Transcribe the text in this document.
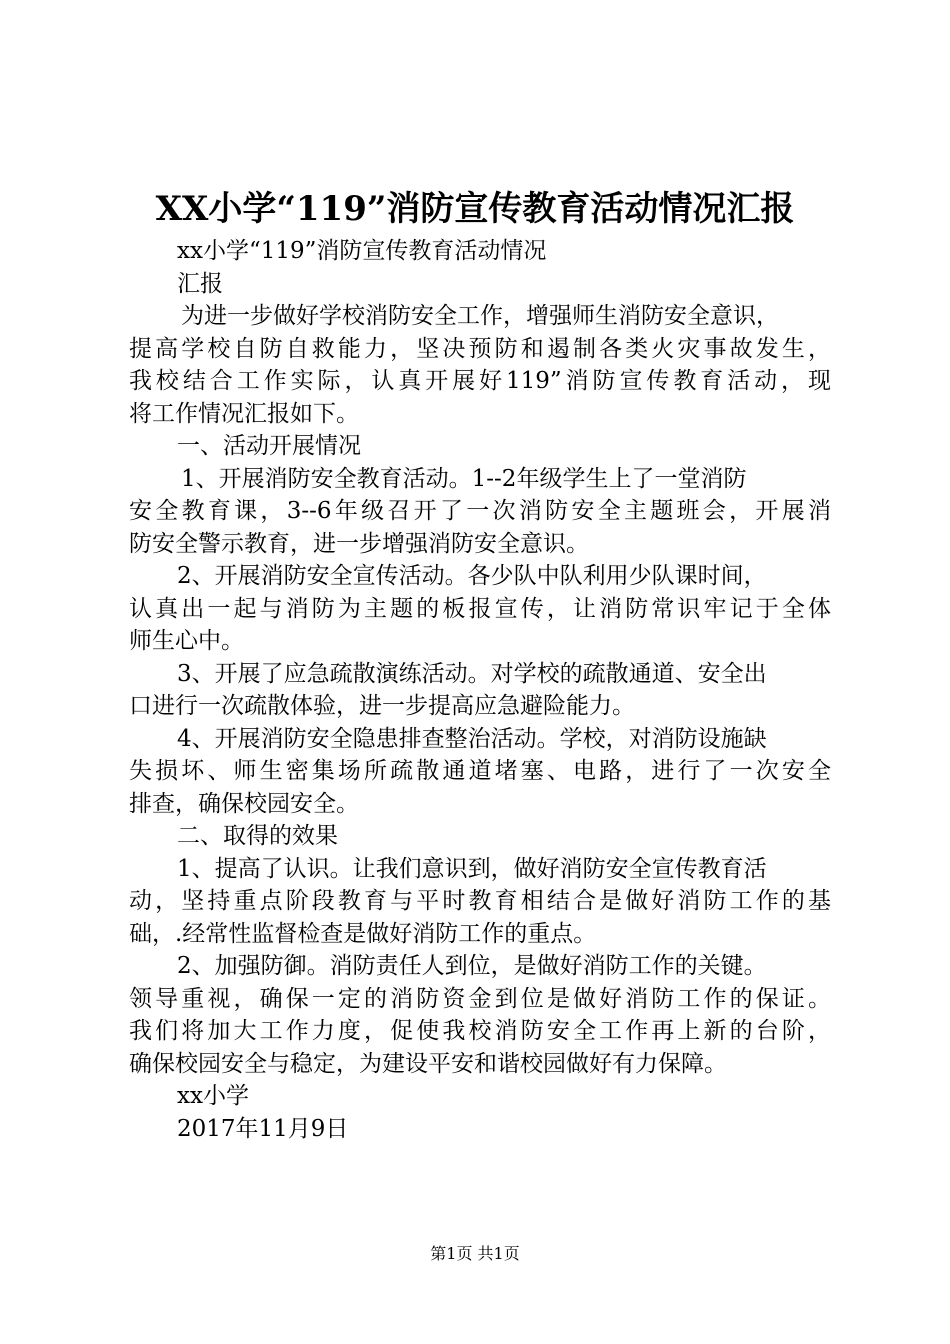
XX小学“119”消防宣传教育活动情况汇报
xx小学“119”消防宣传教育活动情况
汇报
为进一步做好学校消防安全工作，增强师生消防安全意识，
提高学校自防自救能力，坚决预防和遏制各类火灾事故发生，
我校结合工作实际，认真开展好119”消防宣传教育活动，现
将工作情况汇报如下。
一、活动开展情况
1、开展消防安全教育活动。1--2年级学生上了一堂消防
安全教育课，3--6年级召开了一次消防安全主题班会，开展消
防安全警示教育，进一步增强消防安全意识。
2、开展消防安全宣传活动。各少队中队利用少队课时间，
认真出一起与消防为主题的板报宣传，让消防常识牢记于全体
师生心中。
3、开展了应急疏散演练活动。对学校的疏散通道、安全出
口进行一次疏散体验，进一步提高应急避险能力。
4、开展消防安全隐患排查整治活动。学校，对消防设施缺
失损坏、师生密集场所疏散通道堵塞、电路，进行了一次安全
排查，确保校园安全。
二、取得的效果
1、提高了认识。让我们意识到，做好消防安全宣传教育活
动，坚持重点阶段教育与平时教育相结合是做好消防工作的基
础，.经常性监督检查是做好消防工作的重点。
2、加强防御。消防责任人到位，是做好消防工作的关键。
领导重视，确保一定的消防资金到位是做好消防工作的保证。
我们将加大工作力度，促使我校消防安全工作再上新的台阶，
确保校园安全与稳定，为建设平安和谐校园做好有力保障。
xx小学
2017年11月9日
第1页 共1页
